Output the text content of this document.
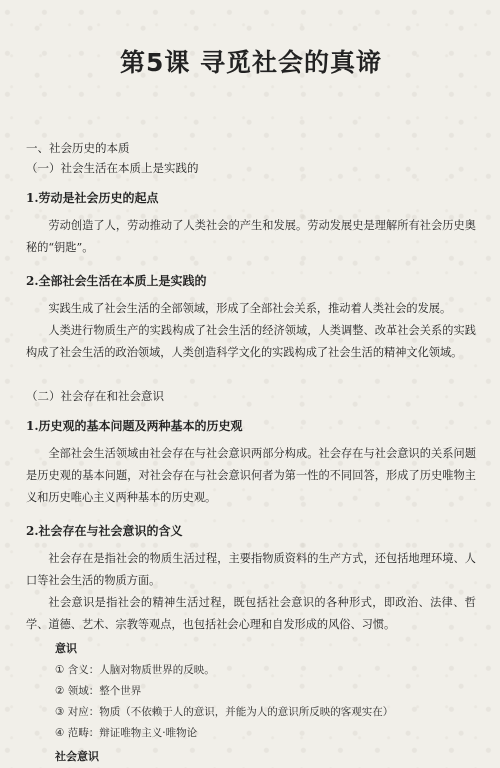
第5课 寻觅社会的真谛
一、社会历史的本质
（一）社会生活在本质上是实践的
1.劳动是社会历史的起点

劳动创造了人，劳动推动了人类社会的产生和发展。劳动发展史是理解所有社会历史奥秘的“钥匙”。

2.全部社会生活在本质上是实践的

实践生成了社会生活的全部领域，形成了全部社会关系，推动着人类社会的发展。

人类进行物质生产的实践构成了社会生活的经济领域，人类调整、改革社会关系的实践构成了社会生活的政治领域，人类创造科学文化的实践构成了社会生活的精神文化领域。

（二）社会存在和社会意识
1.历史观的基本问题及两种基本的历史观

全部社会生活领域由社会存在与社会意识两部分构成。社会存在与社会意识的关系问题是历史观的基本问题，对社会存在与社会意识何者为第一性的不同回答，形成了历史唯物主义和历史唯心主义两种基本的历史观。

2.社会存在与社会意识的含义

社会存在是指社会的物质生活过程，主要指物质资料的生产方式，还包括地理环境、人口等社会生活的物质方面。

社会意识是指社会的精神生活过程，既包括社会意识的各种形式，即政治、法律、哲学、道德、艺术、宗教等观点，也包括社会心理和自发形成的风俗、习惯。

意识
① 含义：人脑对物质世界的反映。
② 领域：整个世界
③ 对应：物质（不依赖于人的意识，并能为人的意识所反映的客观实在）
④ 范畴：辩证唯物主义·唯物论
社会意识
